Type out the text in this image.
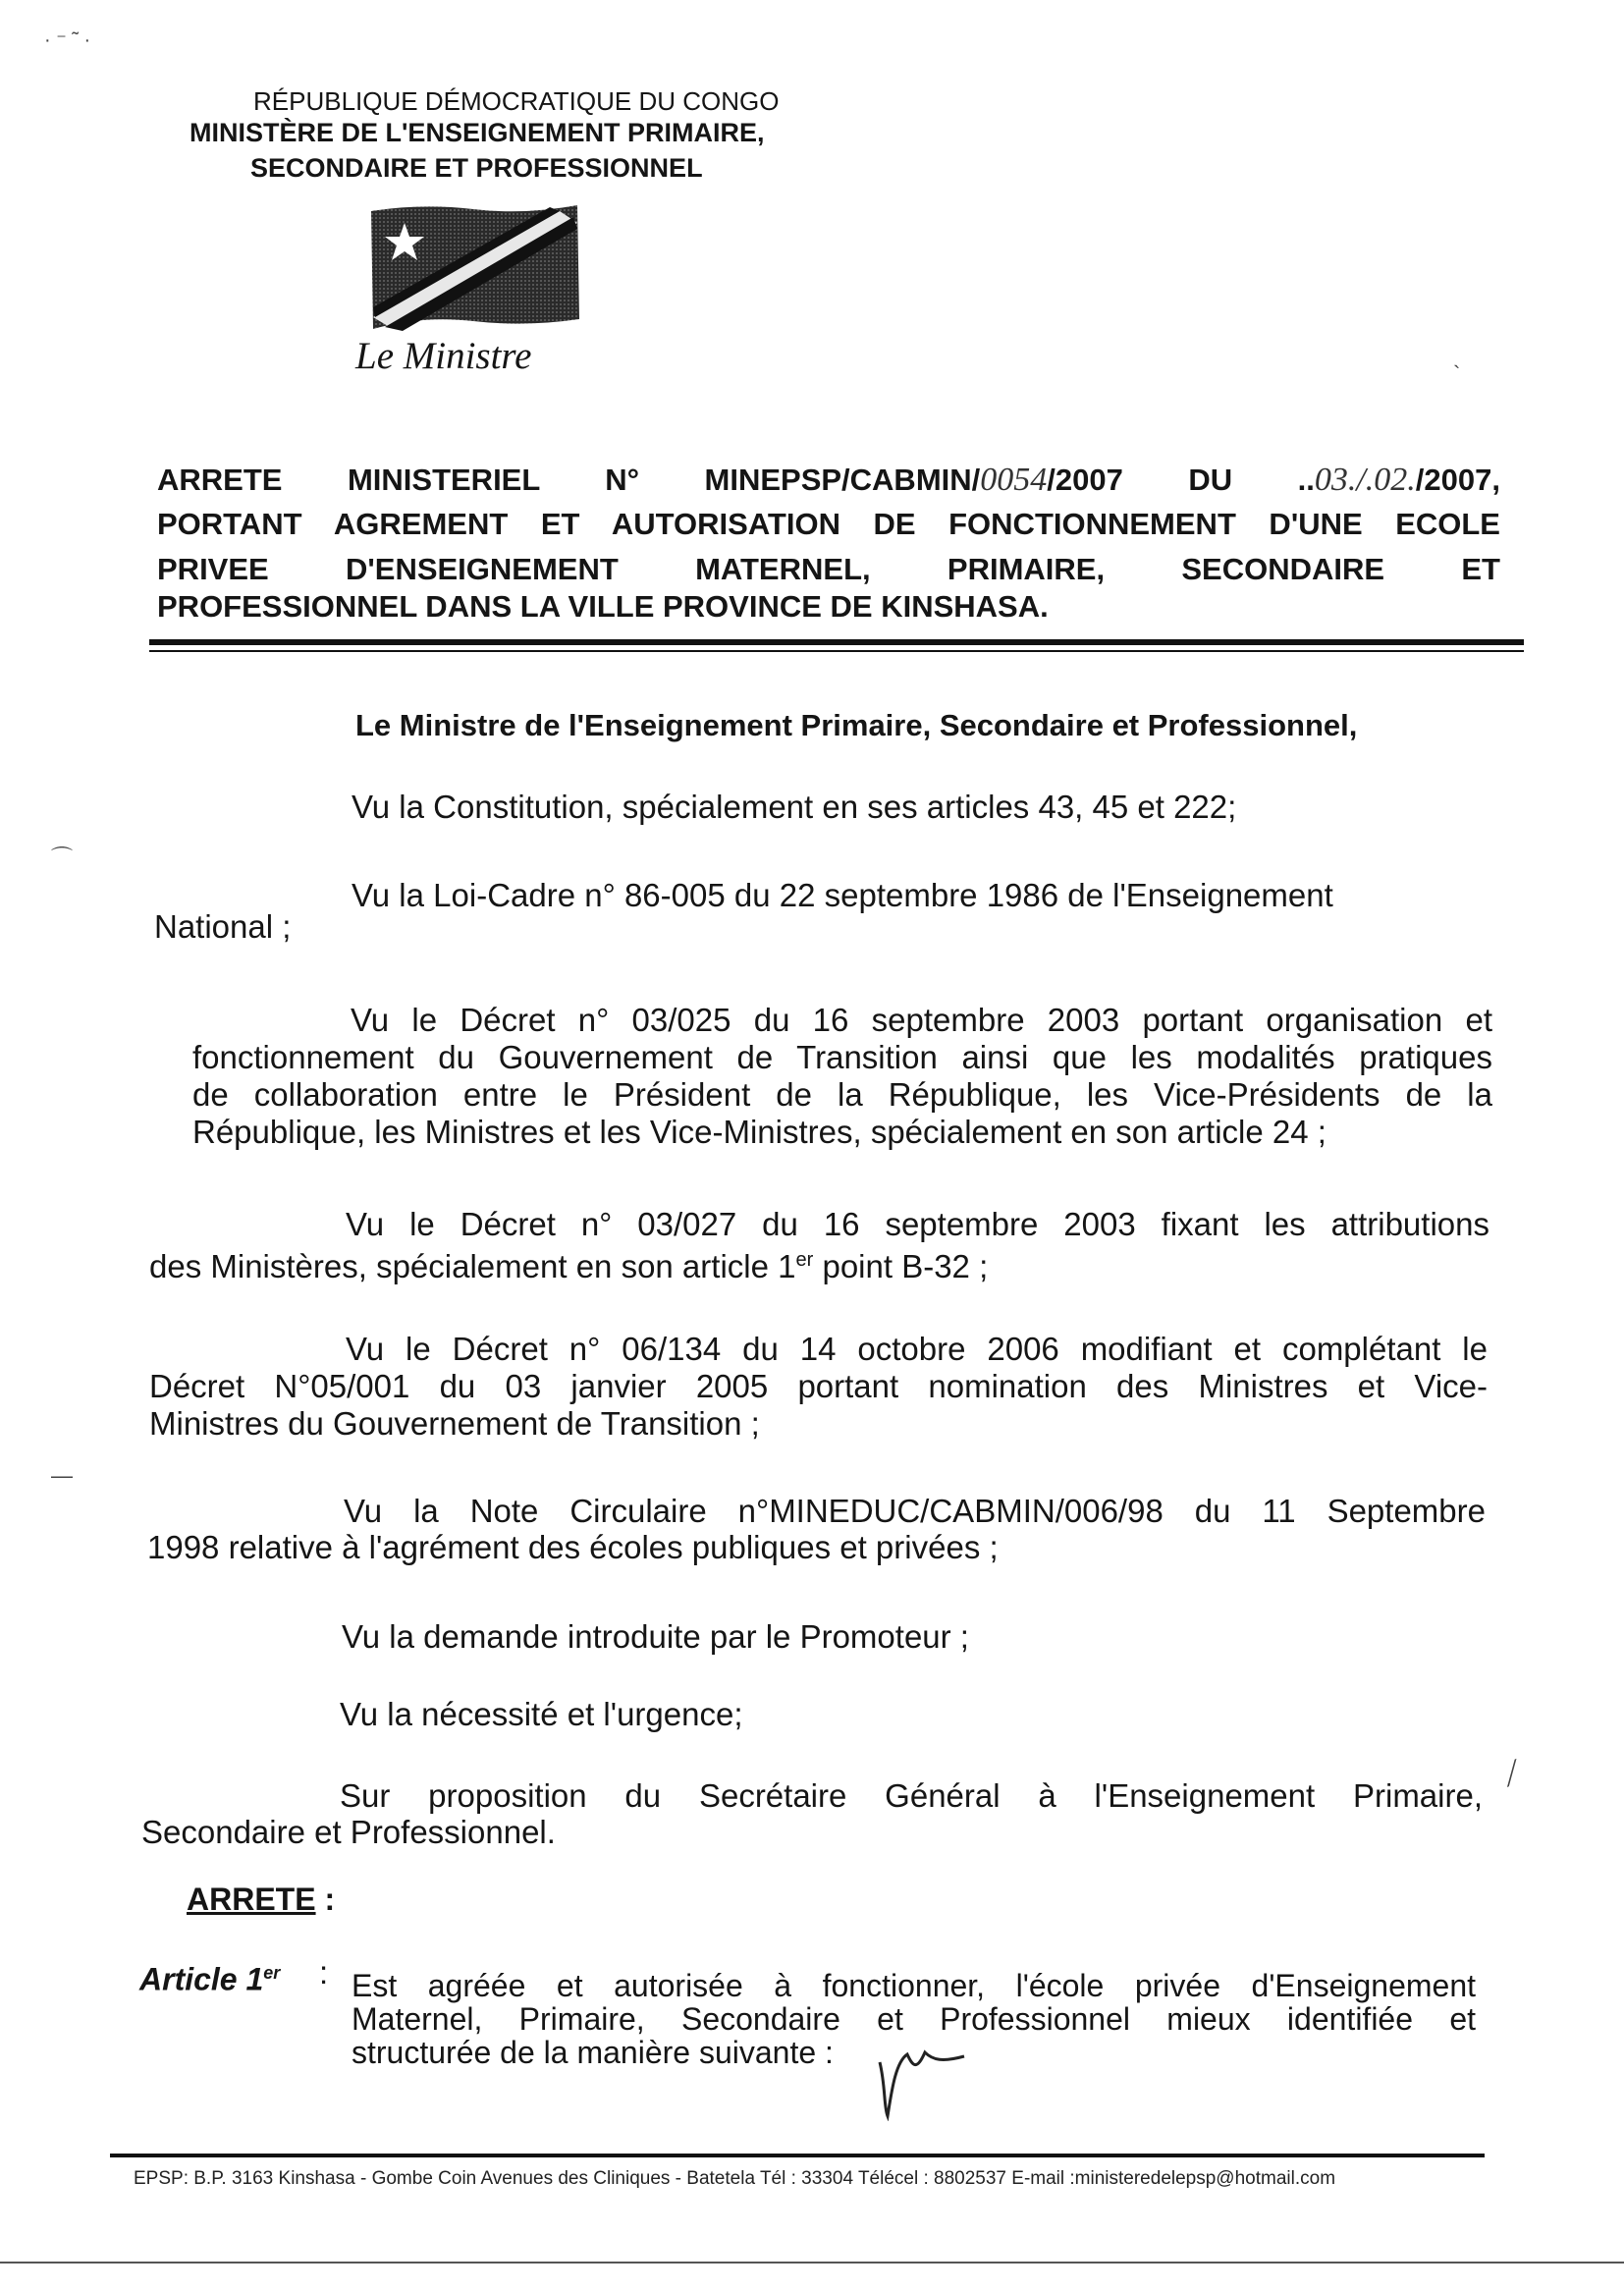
· ⁻ ˜ ·
`
⌒
—
RÉPUBLIQUE DÉMOCRATIQUE DU CONGO
MINISTÈRE DE L'ENSEIGNEMENT PRIMAIRE,
SECONDAIRE ET PROFESSIONNEL
Le Ministre
ARRETE MINISTERIEL N° MINEPSP/CABMIN/0054/2007 DU ..03./.02./2007,
PORTANT AGREMENT ET AUTORISATION DE FONCTIONNEMENT D'UNE ECOLE
PRIVEE D'ENSEIGNEMENT MATERNEL, PRIMAIRE, SECONDAIRE ET
PROFESSIONNEL DANS LA VILLE PROVINCE DE KINSHASA.
Le Ministre de l'Enseignement Primaire, Secondaire et Professionnel,
Vu la Constitution, spécialement en ses articles 43, 45 et 222;
Vu la Loi-Cadre n° 86-005 du 22 septembre 1986 de l'Enseignement
National ;
Vu le Décret n° 03/025 du 16 septembre 2003 portant organisation et
fonctionnement du Gouvernement de Transition ainsi que les modalités pratiques
de collaboration entre le Président de la République, les Vice-Présidents de la
République, les Ministres et les Vice-Ministres, spécialement en son article 24 ;
Vu le Décret n° 03/027 du 16 septembre 2003 fixant les attributions
des Ministères, spécialement en son article 1er point B-32 ;
Vu le Décret n° 06/134 du 14 octobre 2006 modifiant et complétant le
Décret N°05/001 du 03 janvier 2005 portant nomination des Ministres et Vice-
Ministres du Gouvernement de Transition ;
Vu la Note Circulaire n°MINEDUC/CABMIN/006/98 du 11 Septembre
1998 relative à l'agrément des écoles publiques et privées ;
Vu la demande introduite par le Promoteur ;
Vu la nécessité et l'urgence;
Sur proposition du Secrétaire Général à l'Enseignement Primaire,
Secondaire et Professionnel.
⟋
ARRETE :
Article 1er : Est agréée et autorisée à fonctionner, l'école privée d'Enseignement
Maternel, Primaire, Secondaire et Professionnel mieux identifiée et
structurée de la manière suivante :
EPSP: B.P. 3163 Kinshasa - Gombe Coin Avenues des Cliniques - Batetela Tél : 33304 Télécel : 8802537 E-mail :ministeredelepsp@hotmail.com
